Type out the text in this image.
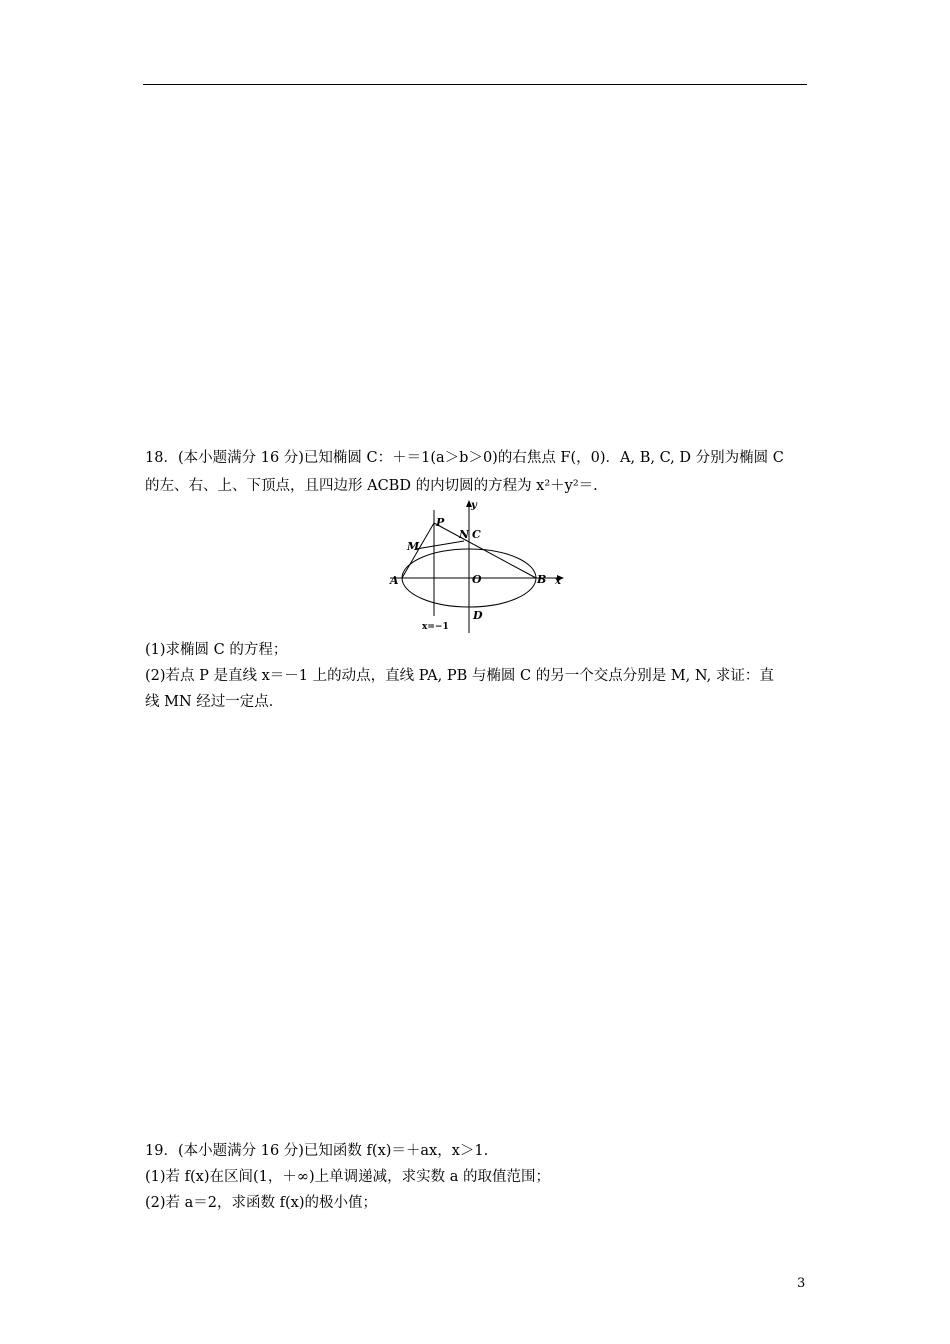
18．(本小题满分 16 分)已知椭圆 C：＋＝1(a＞b＞0)的右焦点 F(，0)．A, B, C, D 分别为椭圆 C
的左、右、上、下顶点，且四边形 ACBD 的内切圆的方程为 x²＋y²＝.
y
P
N C
M
A	O	B x
D
x=−1
(1)求椭圆 C 的方程；
(2)若点 P 是直线 x＝－1 上的动点，直线 PA, PB 与椭圆 C 的另一个交点分别是 M, N, 求证：直
线 MN 经过一定点．
19．(本小题满分 16 分)已知函数 f(x)＝＋ax，x＞1.
(1)若 f(x)在区间(1，＋∞)上单调递减，求实数 a 的取值范围；
(2)若 a＝2，求函数 f(x)的极小值；
3
